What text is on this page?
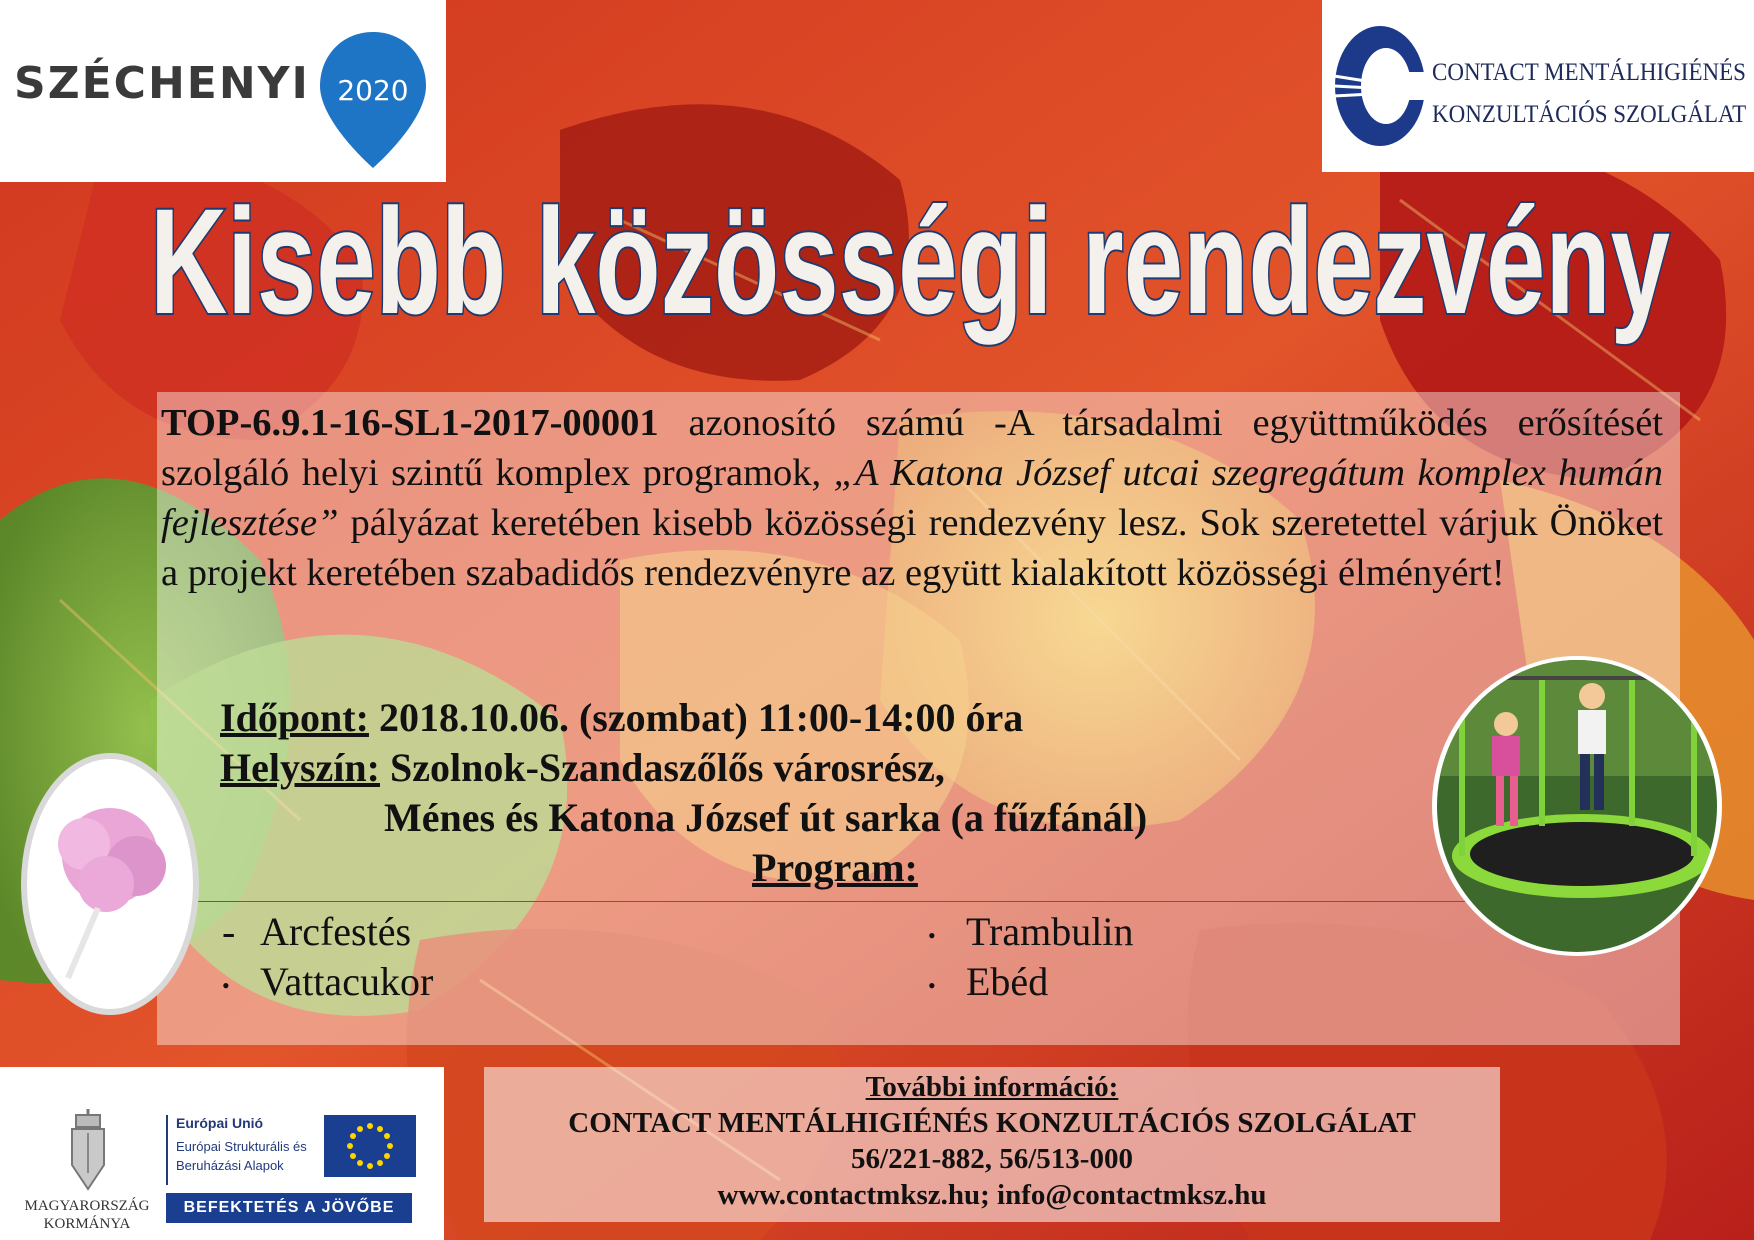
SZÉCHENYI 2020
CONTACT MENTÁLHIGIÉNÉS
KONZULTÁCIÓS SZOLGÁLAT
Kisebb közösségi rendezvény

TOP-6.9.1-16-SL1-2017-00001 azonosító számú -A társadalmi együttműködés erősítését szolgáló helyi szintű komplex programok, „A Katona József utcai szegregátum komplex humán fejlesztése” pályázat keretében kisebb közösségi rendezvény lesz. Sok szeretettel várjuk Önöket a projekt keretében szabadidős rendezvényre az együtt kialakított közösségi élményért!

Időpont: 2018.10.06. (szombat) 11:00-14:00 óra
Helyszín: Szolnok-Szandaszőlős városrész,
Ménes és Katona József út sarka (a fűzfánál)
Program:
- Arcfestés
• Vattacukor
• Trambulin
• Ebéd
MAGYARORSZÁG
KORMÁNYA
Európai Unió
Európai Strukturális és Beruházási Alapok
BEFEKTETÉS A JÖVŐBE
További információ:
CONTACT MENTÁLHIGIÉNÉS KONZULTÁCIÓS SZOLGÁLAT
56/221-882, 56/513-000
www.contactmksz.hu; info@contactmksz.hu
